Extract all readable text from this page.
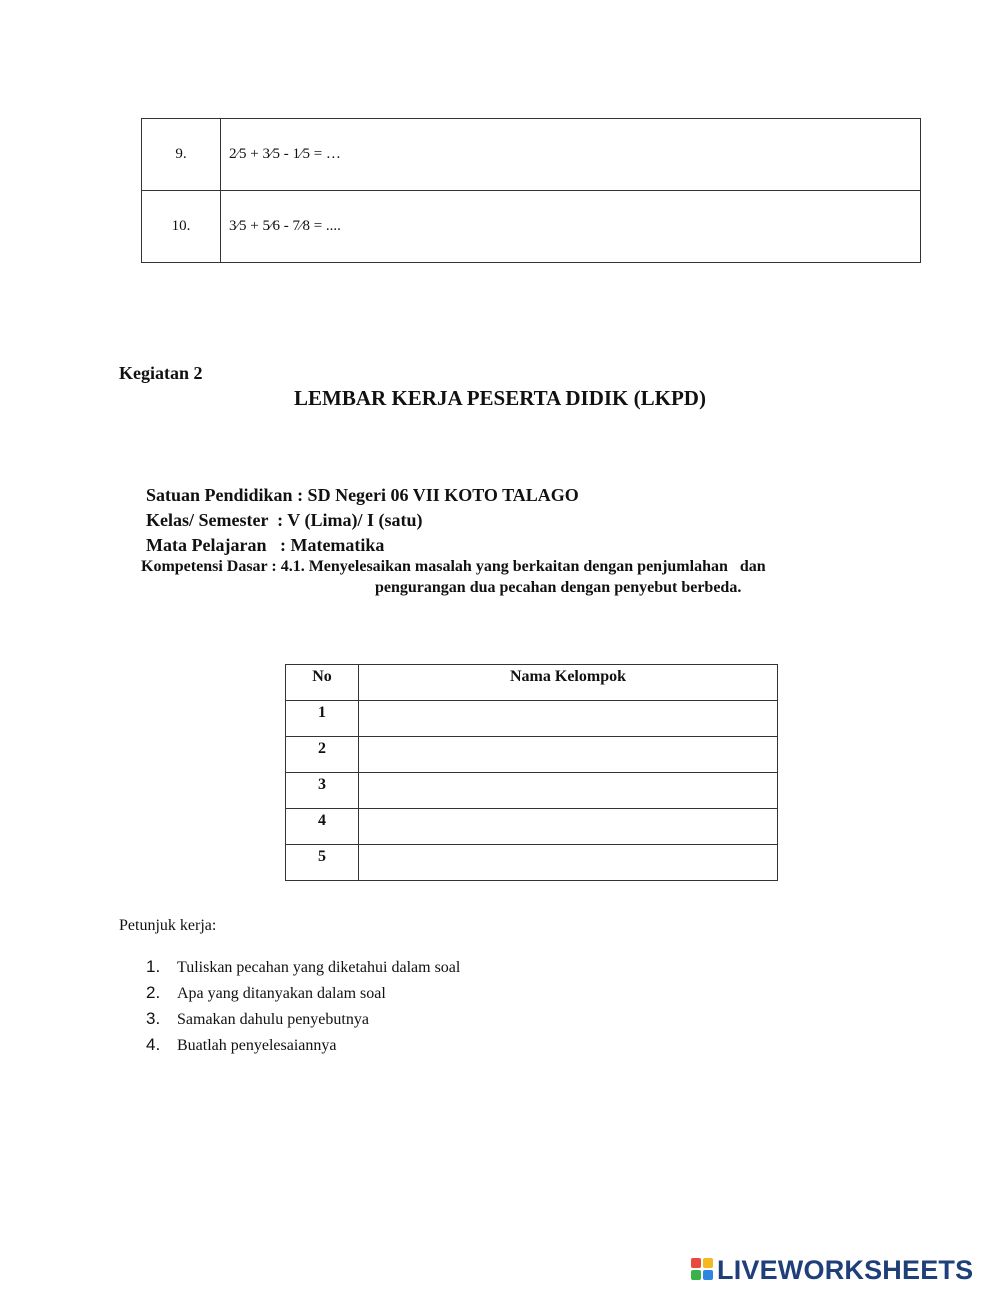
9.	2⁄5 + 3⁄5 - 1⁄5 = …
10.	3⁄5 + 5⁄6 - 7⁄8 = ....
Kegiatan 2
LEMBAR KERJA PESERTA DIDIK (LKPD)
Satuan Pendidikan : SD Negeri 06 VII KOTO TALAGO
Kelas/ Semester  : V (Lima)/ I (satu)
Mata Pelajaran   : Matematika
Kompetensi Dasar : 4.1. Menyelesaikan masalah yang berkaitan dengan penjumlahan   dan
pengurangan dua pecahan dengan penyebut berbeda.
No	Nama Kelompok
1	
2	
3	
4	
5	
Petunjuk kerja:
1.	Tuliskan pecahan yang diketahui dalam soal
2.	Apa yang ditanyakan dalam soal
3.	Samakan dahulu penyebutnya
4.	Buatlah penyelesaiannya
LIVEWORKSHEETS
